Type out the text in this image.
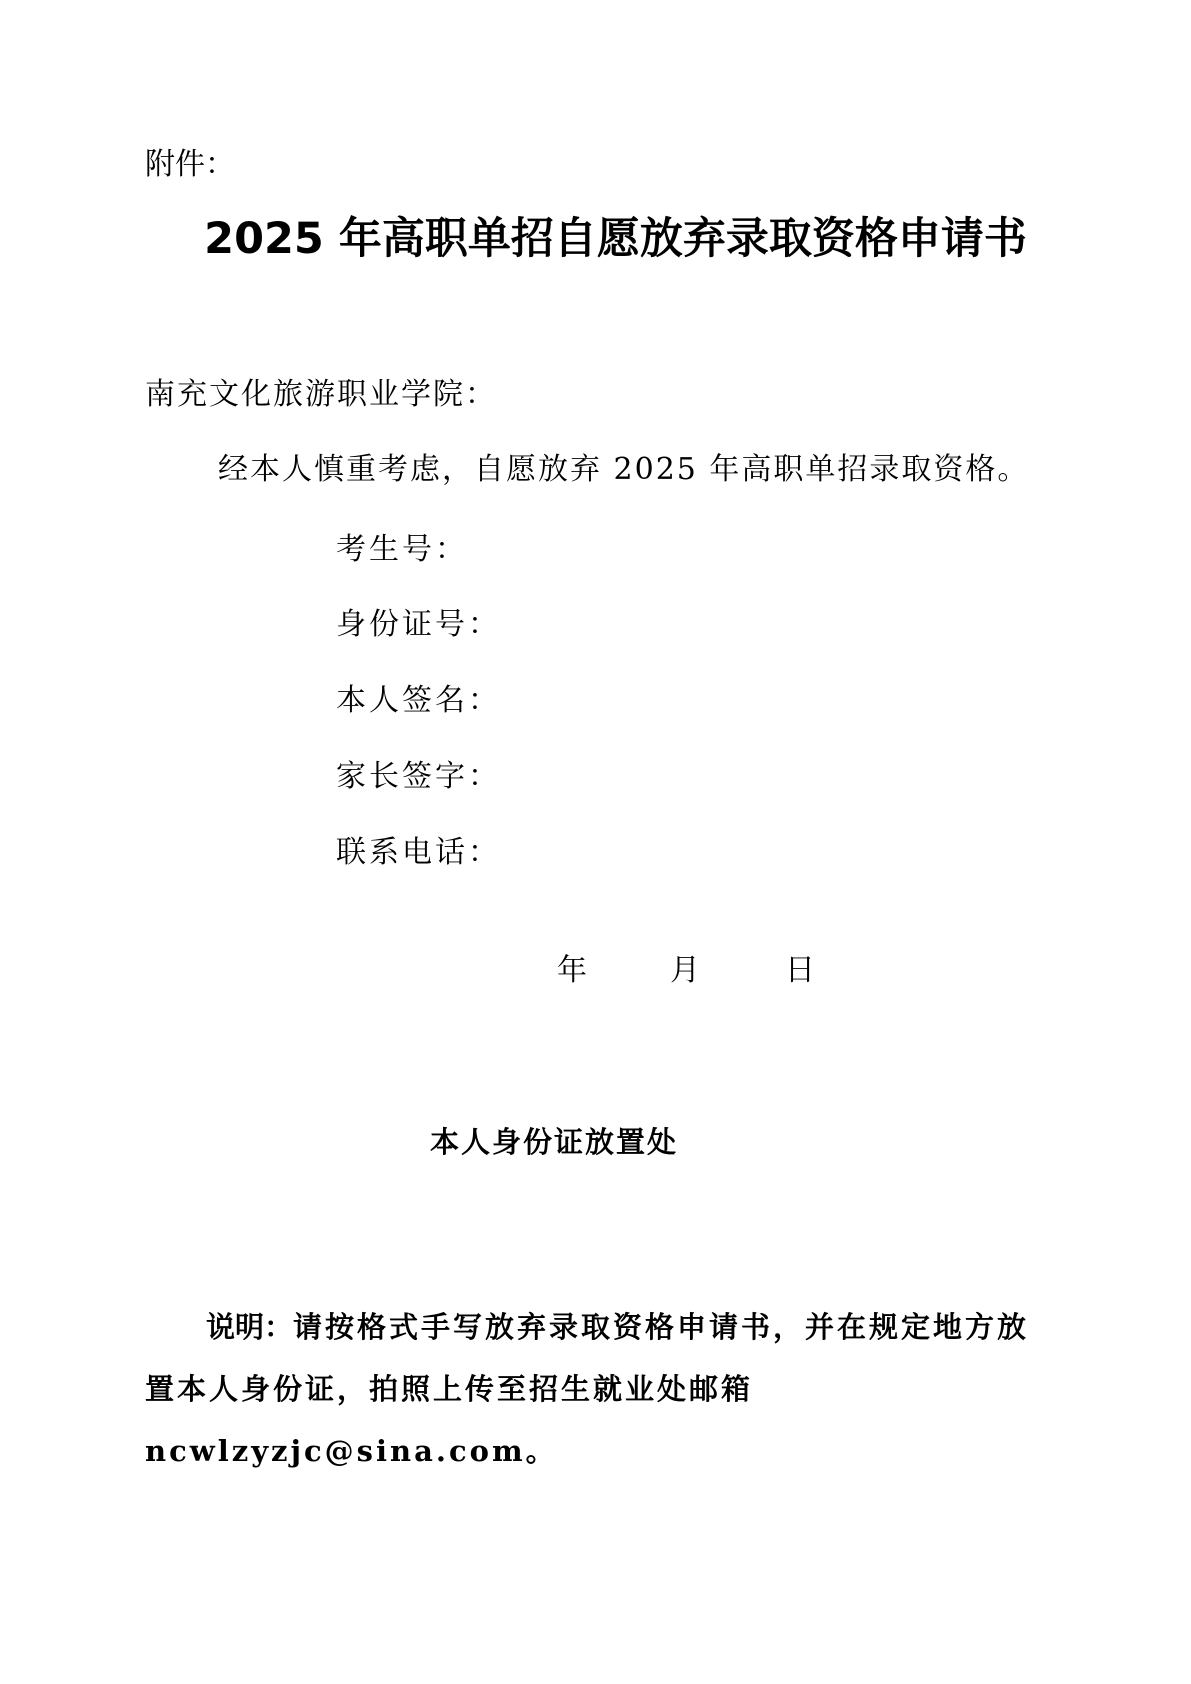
附件：
2025 年高职单招自愿放弃录取资格申请书
南充文化旅游职业学院：
经本人慎重考虑，自愿放弃 2025 年高职单招录取资格。
考生号：
身份证号：
本人签名：
家长签字：
联系电话：
年	月	日
本人身份证放置处
说明：请按格式手写放弃录取资格申请书，并在规定地方放置本人身份证，拍照上传至招生就业处邮箱 ncwlzyzjc@sina.com。
